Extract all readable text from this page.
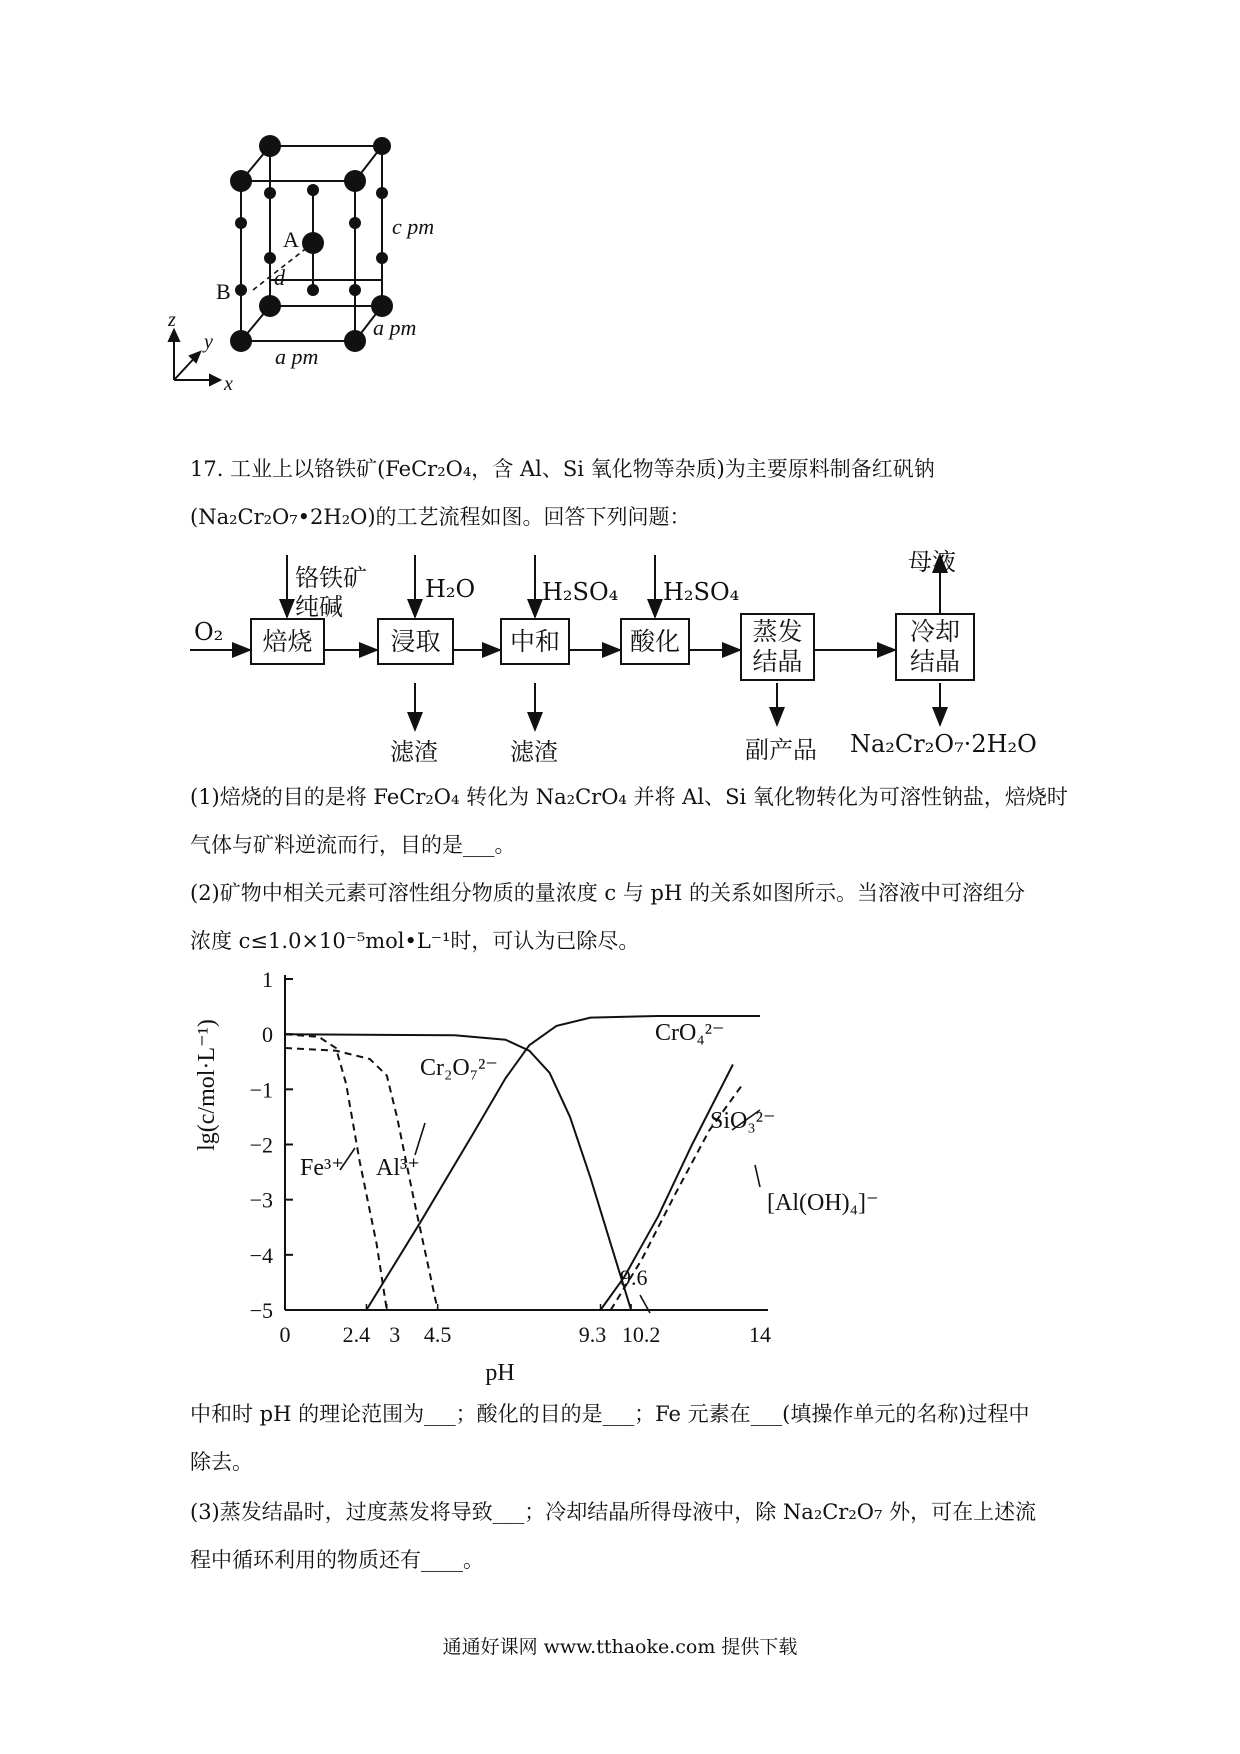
c pm
a pm
a pm
A
B
d
z
y
x
17. 工业上以铬铁矿(FeCr₂O₄，含 Al、Si 氧化物等杂质)为主要原料制备红矾钠
(Na₂Cr₂O₇•2H₂O)的工艺流程如图。回答下列问题：
焙烧	浸取	中和	酸化	蒸发结晶
冷却结晶
O₂
铬铁矿
纯碱
H₂O	H₂SO₄ H₂SO₄
母液
滤渣	滤渣	副产品 Na₂Cr₂O₇·2H₂O
(1)焙烧的目的是将 FeCr₂O₄ 转化为 Na₂CrO₄ 并将 Al、Si 氧化物转化为可溶性钠盐，焙烧时
气体与矿料逆流而行，目的是___。
(2)矿物中相关元素可溶性组分物质的量浓度 c 与 pH 的关系如图所示。当溶液中可溶组分
浓度 c≤1.0×10⁻⁵mol•L⁻¹时，可认为已除尽。
1
0
−1
−2
−3
−4
−5
0 2.4 3 4.5	9.3 10.2	14
pH
lg(c/mol·L⁻¹)	Cr₂O₇²⁻
CrO₄²⁻
Fe³⁺ Al³⁺
SiO₃²⁻
[Al(OH)₄]⁻
9.6
中和时 pH 的理论范围为___；酸化的目的是___；Fe 元素在___(填操作单元的名称)过程中
除去。
(3)蒸发结晶时，过度蒸发将导致___；冷却结晶所得母液中，除 Na₂Cr₂O₇ 外，可在上述流
程中循环利用的物质还有____。
通通好课网 www.tthaoke.com 提供下载
